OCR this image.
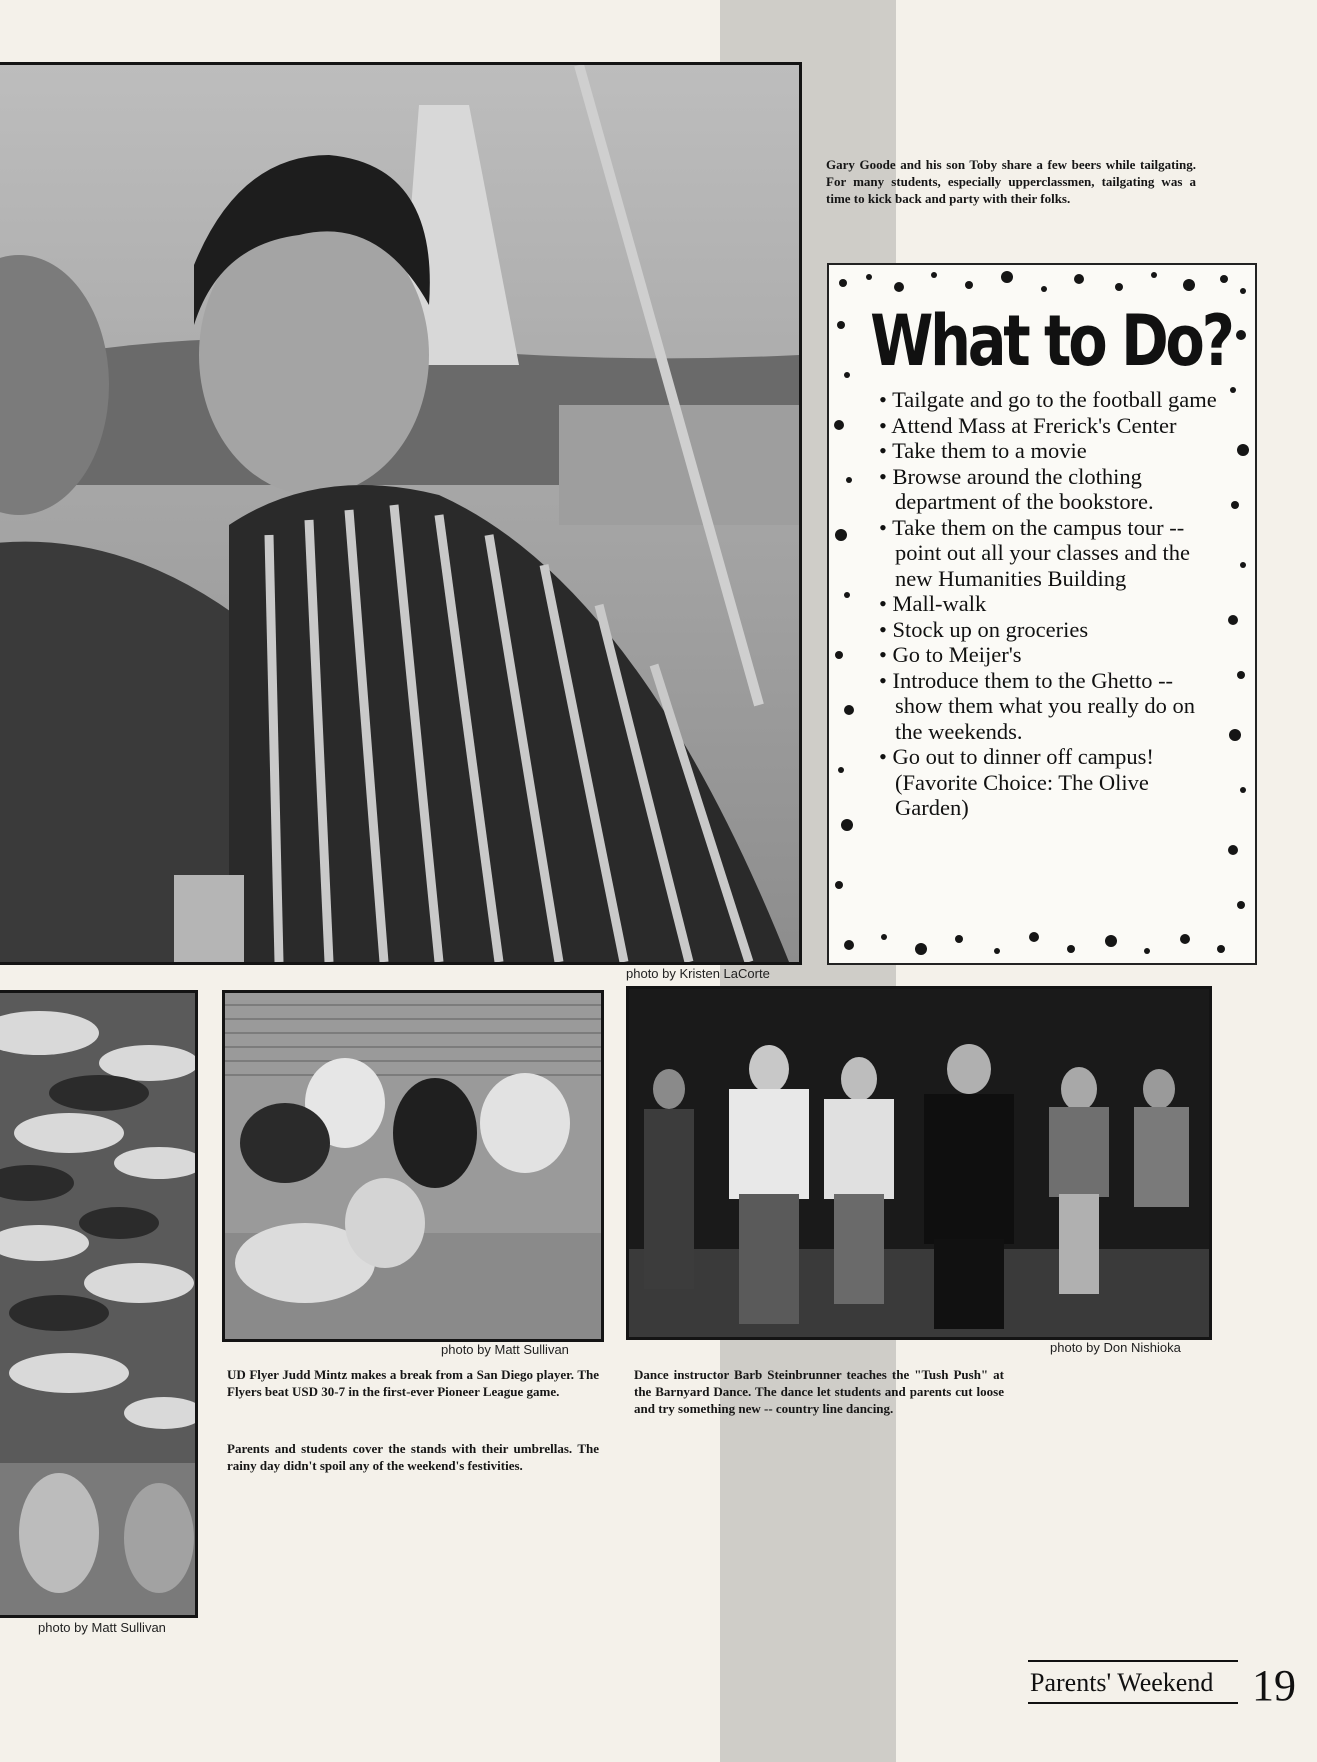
Gary Goode and his son Toby share a few beers while tailgating. For many students, especially upperclassmen, tailgating was a time to kick back and party with their folks.
What to Do?
• Tailgate and go to the football game
• Attend Mass at Frerick's Center
• Take them to a movie
• Browse around the clothing department of the bookstore.
• Take them on the campus tour -- point out all your classes and the new Humanities Building
• Mall-walk
• Stock up on groceries
• Go to Meijer's
• Introduce them to the Ghetto -- show them what you really do on the weekends.
• Go out to dinner off campus! (Favorite Choice: The Olive Garden)
photo by Kristen LaCorte
photo by Matt Sullivan
photo by Matt Sullivan
UD Flyer Judd Mintz makes a break from a San Diego player. The Flyers beat USD 30-7 in the first-ever Pioneer League game.
Parents and students cover the stands with their umbrellas. The rainy day didn't spoil any of the weekend's festivities.
photo by Don Nishioka
Dance instructor Barb Steinbrunner teaches the "Tush Push" at the Barnyard Dance. The dance let students and parents cut loose and try something new -- country line dancing.
Parents' Weekend 19
